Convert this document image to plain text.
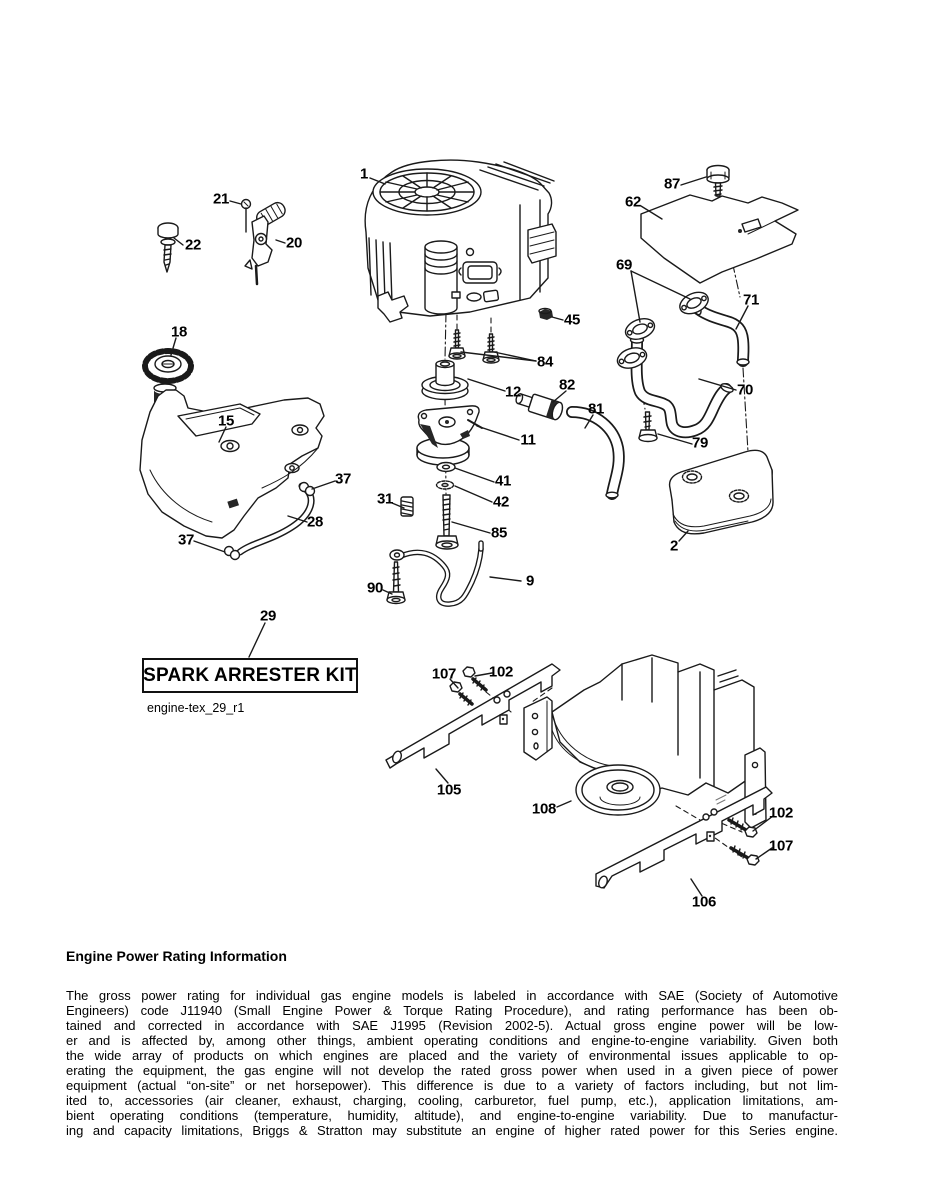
1
21
22	20
87
62
69
71
45
18
84
82
12
81
70
15
11	79
37	41
31	42
28
85
37	2
9
90
29
107 102
105
108	102
107
106
SPARK ARRESTER KIT
engine-tex_29_r1
Engine Power Rating Information
The gross power rating for individual gas engine models is labeled in accordance with SAE (Society of Automotive
Engineers) code J11940 (Small Engine Power & Torque Rating Procedure), and rating performance has been ob-
tained and corrected in accordance with SAE J1995 (Revision 2002-5). Actual gross engine power will be low-
er and is affected by, among other things, ambient operating conditions and engine-to-engine variability. Given both
the wide array of products on which engines are placed and the variety of environmental issues applicable to op-
erating the equipment, the gas engine will not develop the rated gross power when used in a given piece of power
equipment (actual “on-site” or net horsepower). This difference is due to a variety of factors including, but not lim-
ited to, accessories (air cleaner, exhaust, charging, cooling, carburetor, fuel pump, etc.), application limitations, am-
bient operating conditions (temperature, humidity, altitude), and engine-to-engine variability. Due to manufactur-
ing and capacity limitations, Briggs & Stratton may substitute an engine of higher rated power for this Series engine.
